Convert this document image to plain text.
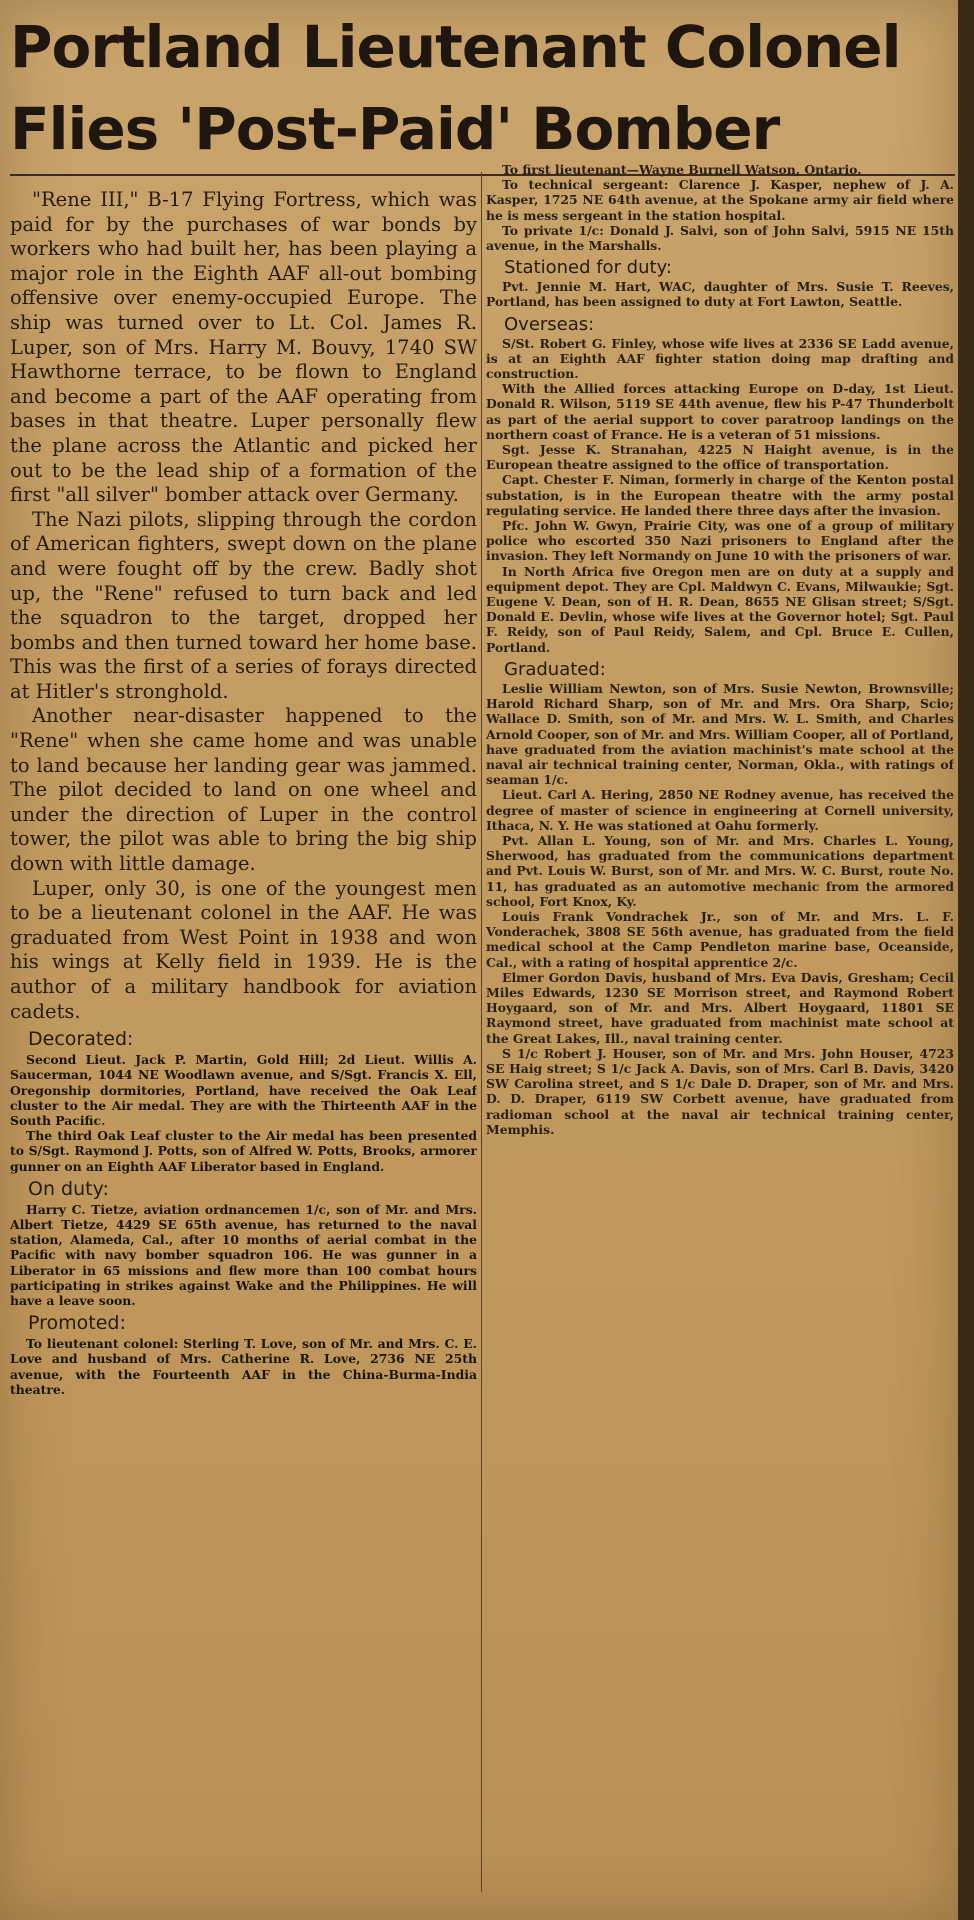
Portland Lieutenant Colonel
Flies 'Post-Paid' Bomber

"Rene III," B-17 Flying Fortress, which was paid for by the purchases of war bonds by workers who had built her, has been playing a major role in the Eighth AAF all-out bombing offensive over enemy-occupied Europe. The ship was turned over to Lt. Col. James R. Luper, son of Mrs. Harry M. Bouvy, 1740 SW Hawthorne terrace, to be flown to England and become a part of the AAF operating from bases in that theatre. Luper personally flew the plane across the Atlantic and picked her out to be the lead ship of a formation of the first "all silver" bomber attack over Germany.

The Nazi pilots, slipping through the cordon of American fighters, swept down on the plane and were fought off by the crew. Badly shot up, the "Rene" refused to turn back and led the squadron to the target, dropped her bombs and then turned toward her home base. This was the first of a series of forays directed at Hitler's stronghold.

Another near-disaster happened to the "Rene" when she came home and was unable to land because her landing gear was jammed. The pilot decided to land on one wheel and under the direction of Luper in the control tower, the pilot was able to bring the big ship down with little damage.

Luper, only 30, is one of the youngest men to be a lieutenant colonel in the AAF. He was graduated from West Point in 1938 and won his wings at Kelly field in 1939. He is the author of a military handbook for aviation cadets.

Decorated:

Second Lieut. Jack P. Martin, Gold Hill; 2d Lieut. Willis A. Saucerman, 1044 NE Woodlawn avenue, and S/Sgt. Francis X. Ell, Oregonship dormitories, Portland, have received the Oak Leaf cluster to the Air medal. They are with the Thirteenth AAF in the South Pacific.

The third Oak Leaf cluster to the Air medal has been presented to S/Sgt. Raymond J. Potts, son of Alfred W. Potts, Brooks, armorer gunner on an Eighth AAF Liberator based in England.

On duty:

Harry C. Tietze, aviation ordnancemen 1/c, son of Mr. and Mrs. Albert Tietze, 4429 SE 65th avenue, has returned to the naval station, Alameda, Cal., after 10 months of aerial combat in the Pacific with navy bomber squadron 106. He was gunner in a Liberator in 65 missions and flew more than 100 combat hours participating in strikes against Wake and the Philippines. He will have a leave soon.

Promoted:

To lieutenant colonel: Sterling T. Love, son of Mr. and Mrs. C. E. Love and husband of Mrs. Catherine R. Love, 2736 NE 25th avenue, with the Fourteenth AAF in the China-Burma-India theatre.

To first lieutenant—Wayne Burnell Watson, Ontario.

To technical sergeant: Clarence J. Kasper, nephew of J. A. Kasper, 1725 NE 64th avenue, at the Spokane army air field where he is mess sergeant in the station hospital.

To private 1/c: Donald J. Salvi, son of John Salvi, 5915 NE 15th avenue, in the Marshalls.

Stationed for duty:

Pvt. Jennie M. Hart, WAC, daughter of Mrs. Susie T. Reeves, Portland, has been assigned to duty at Fort Lawton, Seattle.

Overseas:

S/St. Robert G. Finley, whose wife lives at 2336 SE Ladd avenue, is at an Eighth AAF fighter station doing map drafting and construction.

With the Allied forces attacking Europe on D-day, 1st Lieut. Donald R. Wilson, 5119 SE 44th avenue, flew his P-47 Thunderbolt as part of the aerial support to cover paratroop landings on the northern coast of France. He is a veteran of 51 missions.

Sgt. Jesse K. Stranahan, 4225 N Haight avenue, is in the European theatre assigned to the office of transportation.

Capt. Chester F. Niman, formerly in charge of the Kenton postal substation, is in the European theatre with the army postal regulating service. He landed there three days after the invasion.

Pfc. John W. Gwyn, Prairie City, was one of a group of military police who escorted 350 Nazi prisoners to England after the invasion. They left Normandy on June 10 with the prisoners of war.

In North Africa five Oregon men are on duty at a supply and equipment depot. They are Cpl. Maldwyn C. Evans, Milwaukie; Sgt. Eugene V. Dean, son of H. R. Dean, 8655 NE Glisan street; S/Sgt. Donald E. Devlin, whose wife lives at the Governor hotel; Sgt. Paul F. Reidy, son of Paul Reidy, Salem, and Cpl. Bruce E. Cullen, Portland.

Graduated:

Leslie William Newton, son of Mrs. Susie Newton, Brownsville; Harold Richard Sharp, son of Mr. and Mrs. Ora Sharp, Scio; Wallace D. Smith, son of Mr. and Mrs. W. L. Smith, and Charles Arnold Cooper, son of Mr. and Mrs. William Cooper, all of Portland, have graduated from the aviation machinist's mate school at the naval air technical training center, Norman, Okla., with ratings of seaman 1/c.

Lieut. Carl A. Hering, 2850 NE Rodney avenue, has received the degree of master of science in engineering at Cornell university, Ithaca, N. Y. He was stationed at Oahu formerly.

Pvt. Allan L. Young, son of Mr. and Mrs. Charles L. Young, Sherwood, has graduated from the communications department and Pvt. Louis W. Burst, son of Mr. and Mrs. W. C. Burst, route No. 11, has graduated as an automotive mechanic from the armored school, Fort Knox, Ky.

Louis Frank Vondrachek Jr., son of Mr. and Mrs. L. F. Vonderachek, 3808 SE 56th avenue, has graduated from the field medical school at the Camp Pendleton marine base, Oceanside, Cal., with a rating of hospital apprentice 2/c.

Elmer Gordon Davis, husband of Mrs. Eva Davis, Gresham; Cecil Miles Edwards, 1230 SE Morrison street, and Raymond Robert Hoygaard, son of Mr. and Mrs. Albert Hoygaard, 11801 SE Raymond street, have graduated from machinist mate school at the Great Lakes, Ill., naval training center.

S 1/c Robert J. Houser, son of Mr. and Mrs. John Houser, 4723 SE Haig street; S 1/c Jack A. Davis, son of Mrs. Carl B. Davis, 3420 SW Carolina street, and S 1/c Dale D. Draper, son of Mr. and Mrs. D. D. Draper, 6119 SW Corbett avenue, have graduated from radioman school at the naval air technical training center, Memphis.
